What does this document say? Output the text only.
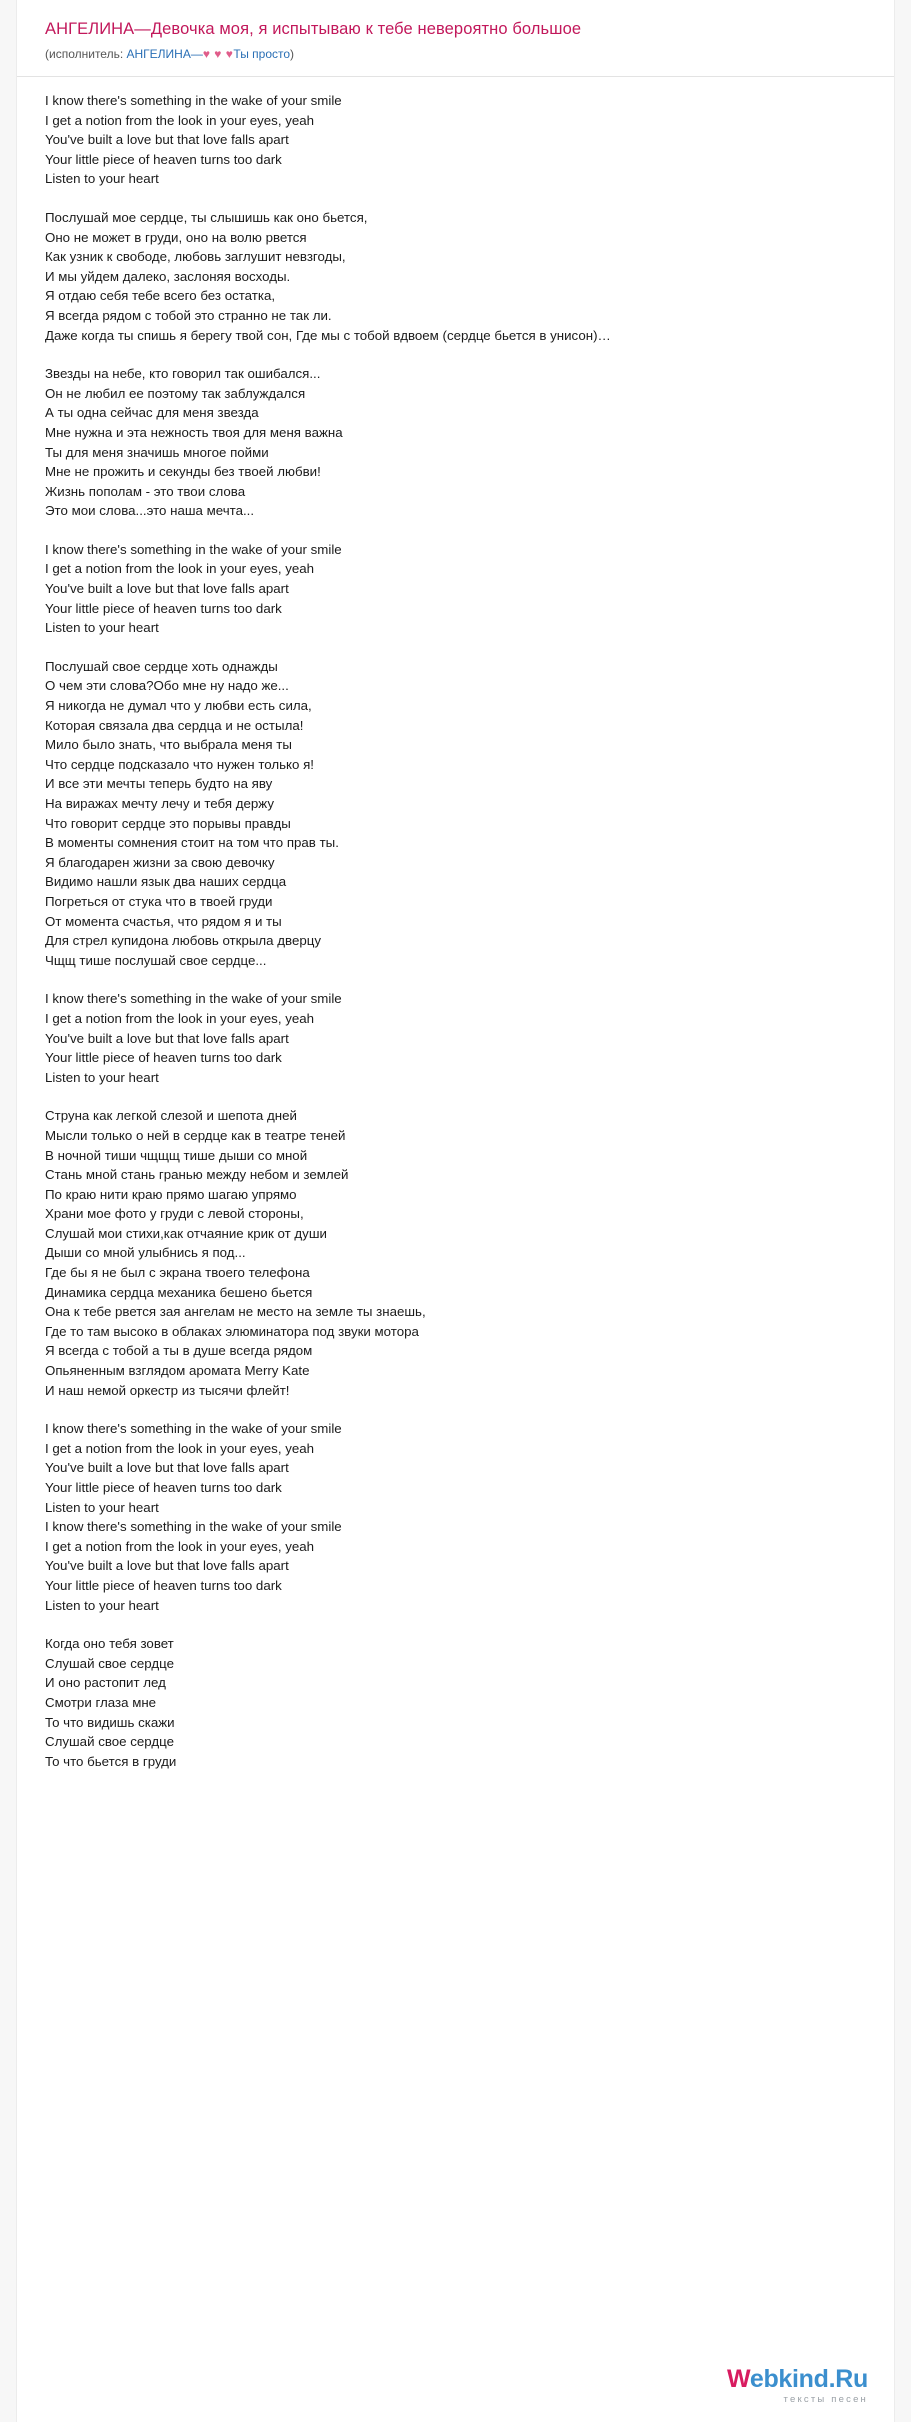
АНГЕЛИНА—Девочка моя, я испытываю к тебе невероятно большое
(исполнитель: АНГЕЛИНА—♥ ♥ ♥Ты просто)
I know there's something in the wake of your smile
I get a notion from the look in your eyes, yeah
You've built a love but that love falls apart
Your little piece of heaven turns too dark
Listen to your heart
Послушай мое сердце, ты слышишь как оно бьется,
Оно не может в груди, оно на волю рвется
Как узник к свободе, любовь заглушит невзгоды,
И мы уйдем далеко, заслоняя восходы.
Я отдаю себя тебе всего без остатка,
Я всегда рядом с тобой это странно не так ли.
Даже когда ты спишь я берегу твой сон, Где мы с тобой вдвоем (сердце бьется в унисон)…
Звезды на небе, кто говорил так ошибался...
Он не любил ее поэтому так заблуждался
А ты одна сейчас для меня звезда
Мне нужна и эта нежность твоя для меня важна
Ты для меня значишь многое пойми
Мне не прожить и секунды без твоей любви!
Жизнь пополам - это твои слова
Это мои слова...это наша мечта...
I know there's something in the wake of your smile
I get a notion from the look in your eyes, yeah
You've built a love but that love falls apart
Your little piece of heaven turns too dark
Listen to your heart
Послушай свое сердце хоть однажды
О чем эти слова?Обо мне ну надо же...
Я никогда не думал что у любви есть сила,
Которая связала два сердца и не остыла!
Мило было знать, что выбрала меня ты
Что сердце подсказало что нужен только я!
И все эти мечты теперь будто на яву
На виражах мечту лечу и тебя держу
Что говорит сердце это порывы правды
В моменты сомнения стоит на том что прав ты.
Я благодарен жизни за свою девочку
Видимо нашли язык два наших сердца
Погреться от стука что в твоей груди
От момента счастья, что рядом я и ты
Для стрел купидона любовь открыла дверцу
Чщщ тише послушай свое сердце...
I know there's something in the wake of your smile
I get a notion from the look in your eyes, yeah
You've built a love but that love falls apart
Your little piece of heaven turns too dark
Listen to your heart
Струна как легкой слезой и шепота дней
Мысли только о ней в сердце как в театре теней
В ночной тиши чщщщ тише дыши со мной
Стань мной стань гранью между небом и землей
По краю нити краю прямо шагаю упрямо
Храни мое фото у груди с левой стороны,
Слушай мои стихи,как отчаяние крик от души
Дыши со мной улыбнись я под...
Где бы я не был с экрана твоего телефона
Динамика сердца механика бешено бьется
Она к тебе рвется зая ангелам не место на земле ты знаешь,
Где то там высоко в облаках элюминатора под звуки мотора
Я всегда с тобой а ты в душе всегда рядом
Опьяненным взглядом аромата Merry Kate
И наш немой оркестр из тысячи флейт!
I know there's something in the wake of your smile
I get a notion from the look in your eyes, yeah
You've built a love but that love falls apart
Your little piece of heaven turns too dark
Listen to your heart
I know there's something in the wake of your smile
I get a notion from the look in your eyes, yeah
You've built a love but that love falls apart
Your little piece of heaven turns too dark
Listen to your heart
Когда оно тебя зовет
Слушай свое сердце
И оно растопит лед
Смотри глаза мне
То что видишь скажи
Слушай свое сердце
То что бьется в груди
Webkind.Ru
тексты песен
